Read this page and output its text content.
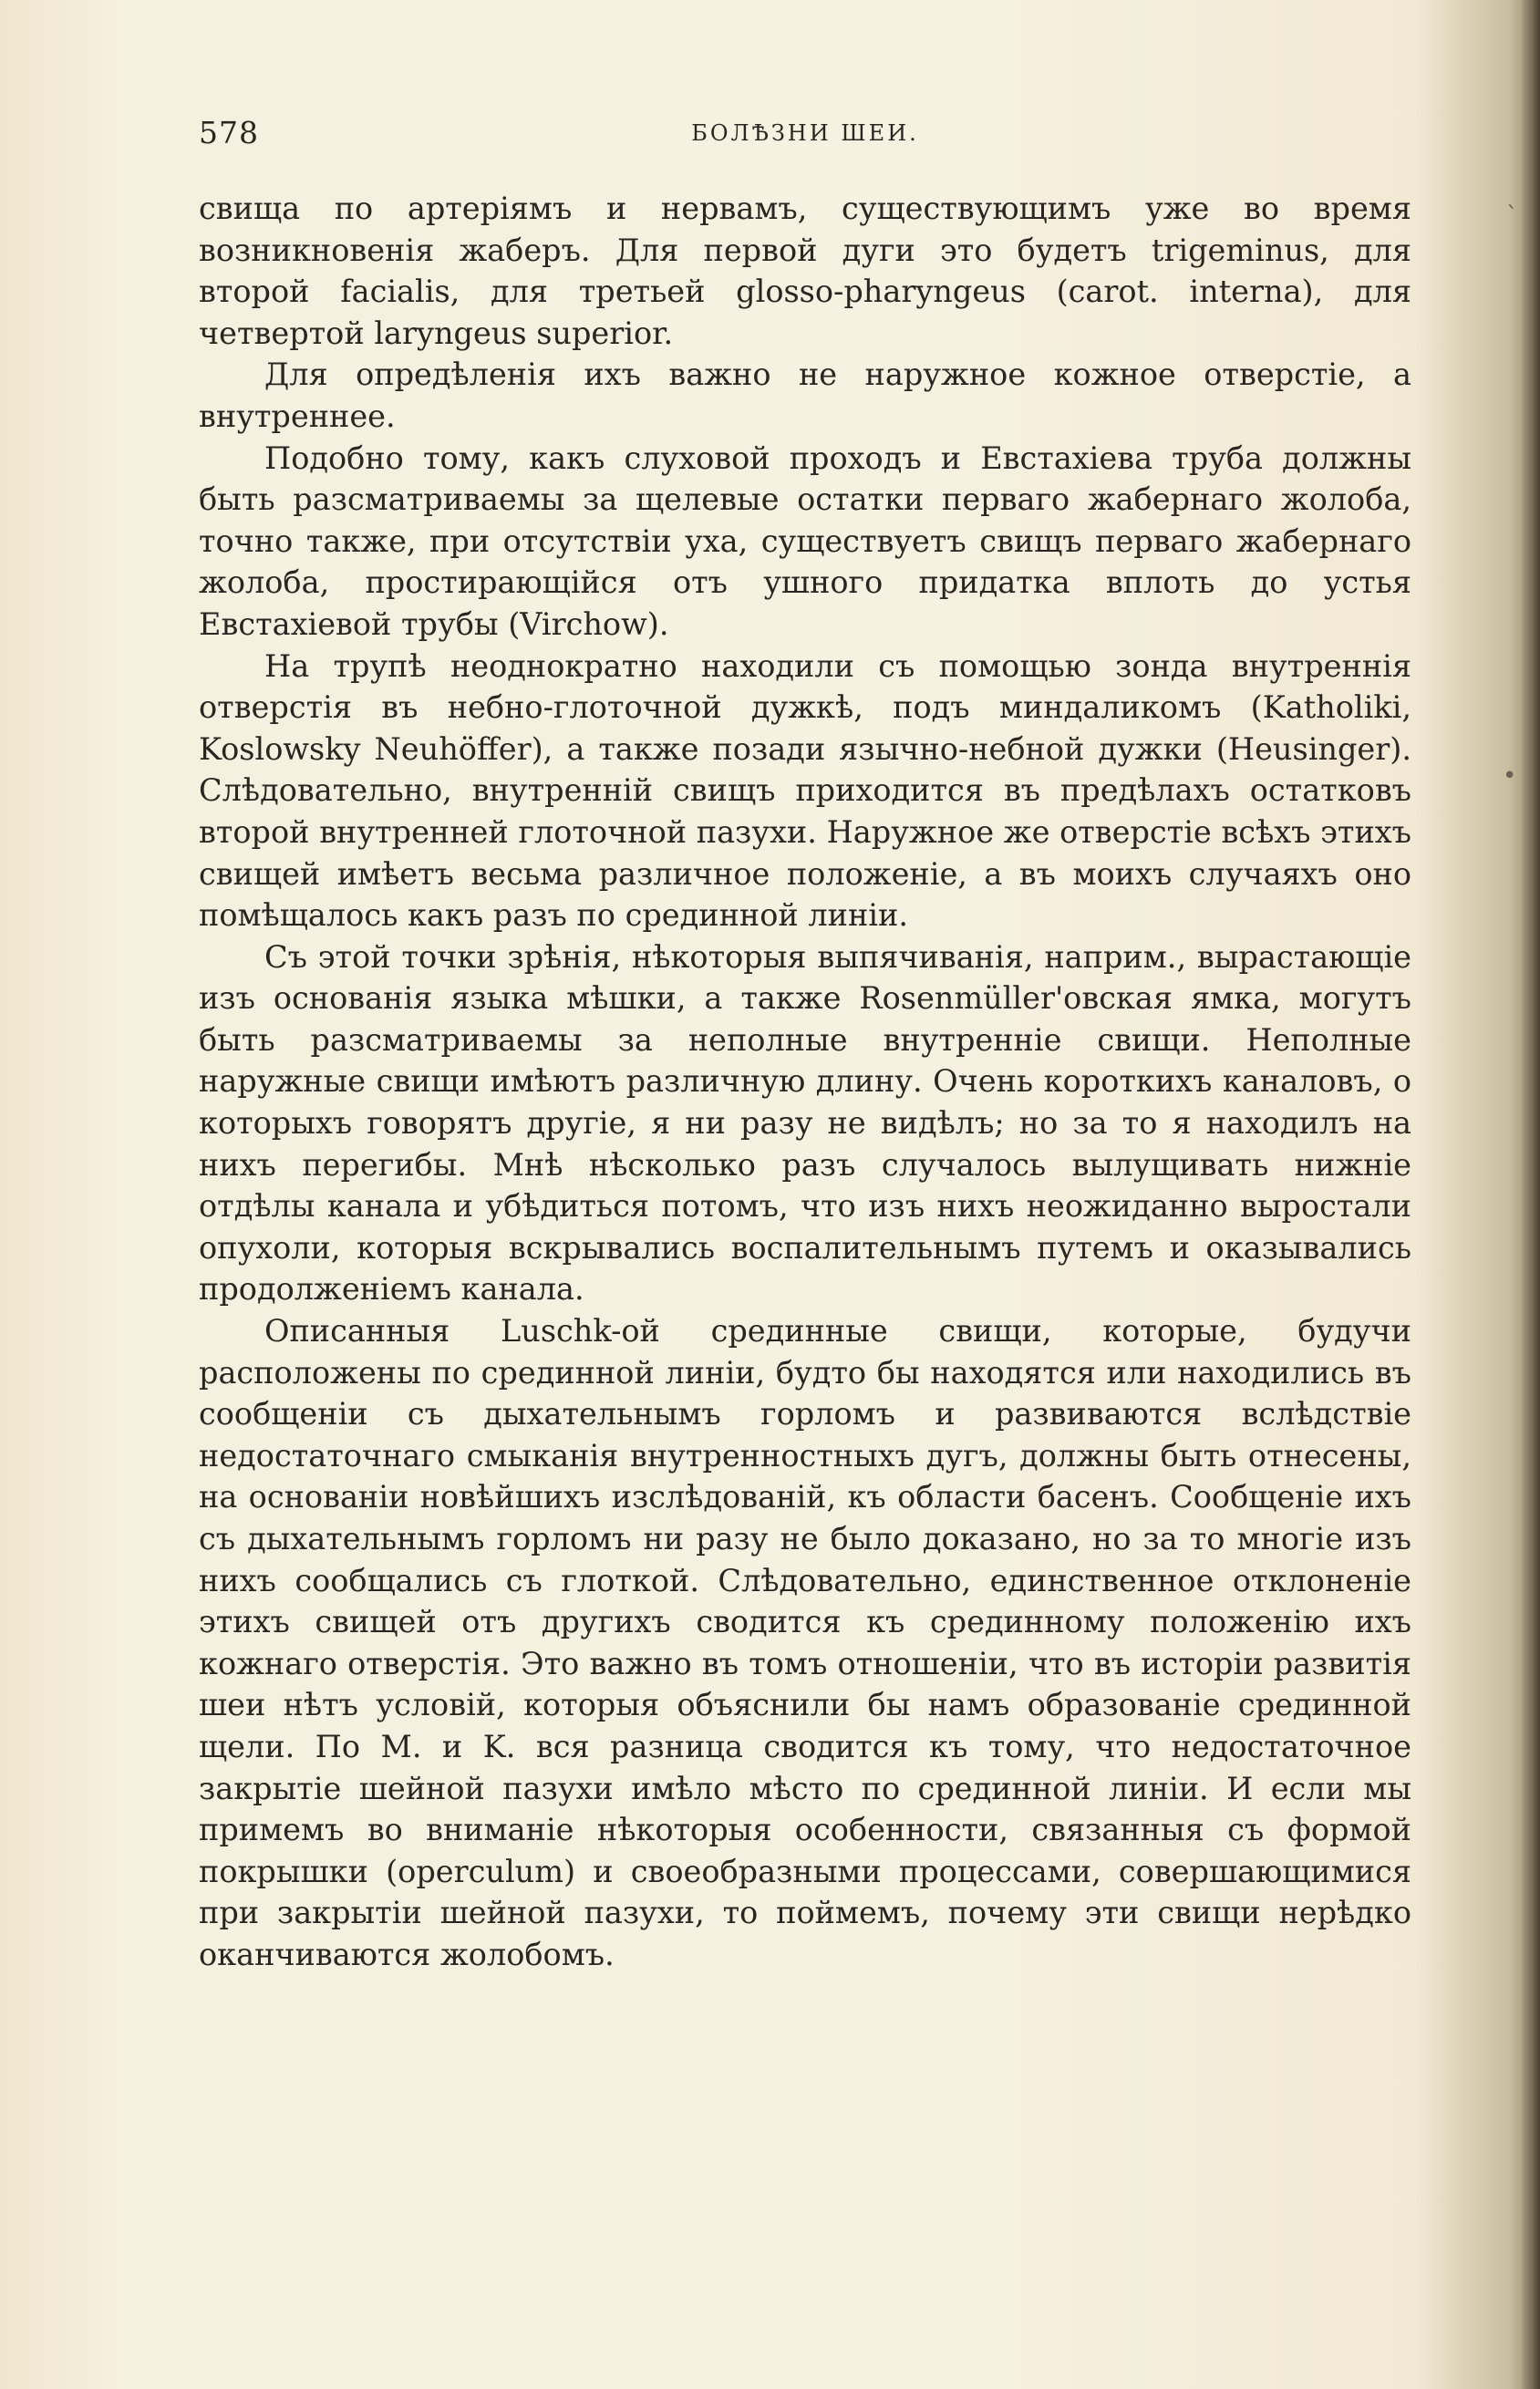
578	БОЛѢЗНИ ШЕИ.
`
•

свища по артеріямъ и нервамъ, существующимъ уже во время возникновенія жаберъ. Для первой дуги это будетъ trigeminus, для второй facialis, для третьей glosso-pharyngeus (carot. interna), для четвертой laryngeus superior.

Для опредѣленія ихъ важно не наружное кожное отверстіе, а внутреннее.

Подобно тому, какъ слуховой проходъ и Евстахіева труба должны быть разсматриваемы за щелевые остатки перваго жабернаго жолоба, точно также, при отсутствіи уха, существуетъ свищъ перваго жабернаго жолоба, простирающійся отъ ушного придатка вплоть до устья Евстахіевой трубы (Virchow).

На трупѣ неоднократно находили съ помощью зонда внутреннія отверстія въ небно-глоточной дужкѣ, подъ миндаликомъ (Katholiki, Koslowsky Neuhöffer), а также позади язычно-небной дужки (Heusinger). Слѣдовательно, внутренній свищъ приходится въ предѣлахъ остатковъ второй внутренней глоточной пазухи. Наружное же отверстіе всѣхъ этихъ свищей имѣетъ весьма различное положеніе, а въ моихъ случаяхъ оно помѣщалось какъ разъ по срединной линіи.

Съ этой точки зрѣнія, нѣкоторыя выпячиванія, наприм., вырастающіе изъ основанія языка мѣшки, а также Rosenmüller'овская ямка, могутъ быть разсматриваемы за неполные внутренніе свищи. Неполные наружные свищи имѣютъ различную длину. Очень короткихъ каналовъ, о которыхъ говорятъ другіе, я ни разу не видѣлъ; но за то я находилъ на нихъ перегибы. Мнѣ нѣсколько разъ случалось вылущивать нижніе отдѣлы канала и убѣдиться потомъ, что изъ нихъ неожиданно выростали опухоли, которыя вскрывались воспалительнымъ путемъ и оказывались продолженіемъ канала.

Описанныя Luschk-ой срединные свищи, которые, будучи расположены по срединной линіи, будто бы находятся или находились въ сообщеніи съ дыхательнымъ горломъ и развиваются вслѣдствіе недостаточнаго смыканія внутренностныхъ дугъ, должны быть отнесены, на основаніи новѣйшихъ изслѣдованій, къ области басенъ. Сообщеніе ихъ съ дыхательнымъ горломъ ни разу не было доказано, но за то многіе изъ нихъ сообщались съ глоткой. Слѣдовательно, единственное отклоненіе этихъ свищей отъ другихъ сводится къ срединному положенію ихъ кожнаго отверстія. Это важно въ томъ отношеніи, что въ исторіи развитія шеи нѣтъ условій, которыя объяснили бы намъ образованіе срединной щели. По M. и K. вся разница сводится къ тому, что недостаточное закрытіе шейной пазухи имѣло мѣсто по срединной линіи. И если мы примемъ во вниманіе нѣкоторыя особенности, связанныя съ формой покрышки (operculum) и своеобразными процессами, совершающимися при закрытіи шейной пазухи, то поймемъ, почему эти свищи нерѣдко оканчиваются жолобомъ.
